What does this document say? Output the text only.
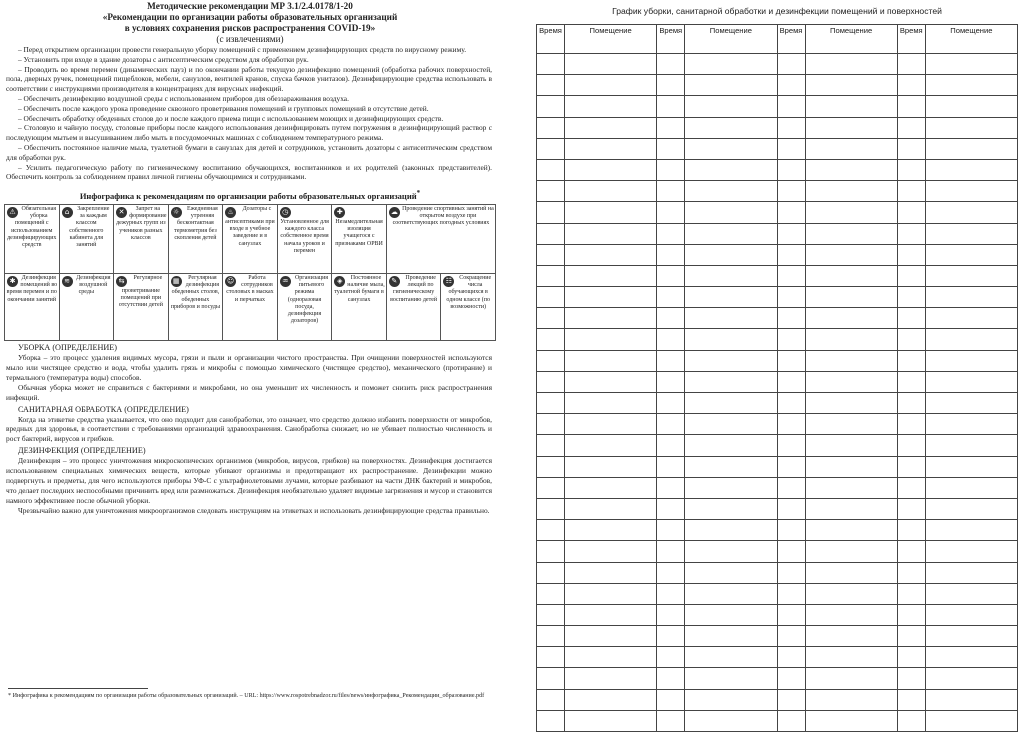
Методические рекомендации МР 3.1/2.4.0178/1-20
«Рекомендации по организации работы образовательных организаций
в условиях сохранения рисков распространения COVID-19»
(с извлечениями)

– Перед открытием организации провести генеральную уборку помещений с применением дезинфицирующих средств по вирусному режиму.

– Установить при входе в здание дозаторы с антисептическим средством для обработки рук.

– Проводить во время перемен (динамических пауз) и по окончании работы текущую дезинфекцию помещений (обработка рабочих поверхностей, пола, дверных ручек, помещений пищеблоков, мебели, санузлов, вентилей кранов, спуска бачков унитазов). Дезинфицирующие средства использовать в соответствии с инструкциями производителя в концентрациях для вирусных инфекций.

– Обеспечить дезинфекцию воздушной среды с использованием приборов для обеззараживания воздуха.

– Обеспечить после каждого урока проведение сквозного проветривания помещений и групповых помещений в отсутствие детей.

– Обеспечить обработку обеденных столов до и после каждого приема пищи с использованием моющих и дезинфицирующих средств.

– Столовую и чайную посуду, столовые приборы после каждого использования дезинфицировать путем погружения в дезинфицирующий раствор с последующим мытьем и высушиванием либо мыть в посудомоечных машинах с соблюдением температурного режима.

– Обеспечить постоянное наличие мыла, туалетной бумаги в санузлах для детей и сотрудников, установить дозаторы с антисептическим средством для обработки рук.

– Усилить педагогическую работу по гигиеническому воспитанию обучающихся, воспитанников и их родителей (законных представителей). Обеспечить контроль за соблюдением правил личной гигиены обучающимися и сотрудниками.

Инфографика к рекомендациям по организации работы образовательных организаций*
⚠ Обязательная уборка помещений с использованием дезинфицирующих средств	⌂ Закрепление за каждым классом собственного кабинета для занятий	✕ Запрет на формирование дежурных групп из учеников разных классов	☼ Ежедневная утренняя бесконтактная термометрия без скопления детей	♨ Дозаторы с антисептиками при входе в учебное заведение и в санузлах	◷
Установленное для каждого класса собственное время начала уроков и перемен	✚
Незамедлительная изоляция учащегося с признаками ОРВИ	☁ Проведение спортивных занятий на открытом воздухе при соответствующих погодных условиях	

✱ Дезинфекция помещений во время перемен и по окончании занятий	≋ Дезинфекция воздушной среды	⇆ Регулярное проветривание помещений при отсутствии детей	▦ Регулярная дезинфекция обеденных столов, обеденных приборов и посуды	☺ Работа сотрудников столовых в масках и перчатках	♒ Организация питьевого режима (одноразовая посуда, дезинфекция дозаторов)	◈ Постоянное наличие мыла, туалетной бумаги в санузлах	✎ Проведение лекций по гигиеническому воспитанию детей	☷ Сокращение числа обучающихся в одном классе (по возможности)
УБОРКА (ОПРЕДЕЛЕНИЕ)

Уборка – это процесс удаления видимых мусора, грязи и пыли и организации чистого пространства. При очищении поверхностей используются мыло или чистящее средство и вода, чтобы удалить грязь и микробы с помощью химического (чистящее средство), механического (протирание) и термального (температура воды) способов.

Обычная уборка может не справиться с бактериями и микробами, но она уменьшит их численность и поможет снизить риск распространения инфекций.

САНИТАРНАЯ ОБРАБОТКА (ОПРЕДЕЛЕНИЕ)

Когда на этикетке средства указывается, что оно подходит для санобработки, это означает, что средство должно избавить поверхности от микробов, вредных для здоровья, в соответствии с требованиями организаций здравоохранения. Санобработка снижает, но не убивает полностью численность и рост бактерий, вирусов и грибков.

ДЕЗИНФЕКЦИЯ (ОПРЕДЕЛЕНИЕ)

Дезинфекция – это процесс уничтожения микроскопических организмов (микробов, вирусов, грибков) на поверхностях. Дезинфекция достигается использованием специальных химических веществ, которые убивают организмы и предотвращают их распространение. Дезинфекции можно подвергнуть и предметы, для чего используются приборы УФ-С с ультрафиолетовыми лучами, которые разбивают на части ДНК бактерий и микробов, что делает последних неспособными причинить вред или размножаться. Дезинфекция необязательно удаляет видимые загрязнения и мусор и становится намного эффективнее после обычной уборки.

Чрезвычайно важно для уничтожения микроорганизмов следовать инструкциям на этикетках и использовать дезинфицирующие средства правильно.

* Инфографика к рекомендациям по организации работы образовательных организаций. – URL: https://www.rospotrebnadzor.ru/files/news/инфографика_Рекомендации_образование.pdf
График уборки, санитарной обработки и дезинфекции помещений и поверхностей
Время	Помещение	Время	Помещение	Время	Помещение	Время	Помещение
